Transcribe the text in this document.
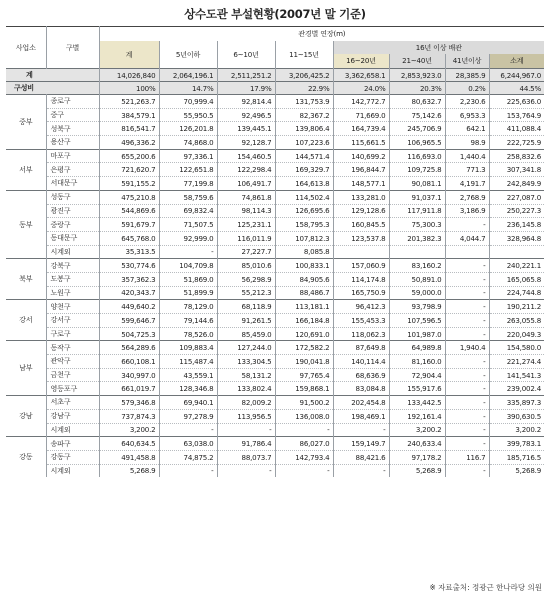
상수도관 부설현황(2007년 말 기준)
사업소	구별	관경별 연장(m)							
		계	5년이하	6~10년	11~15년	16년 이상 배관			
						16~20년	21~40년	41년이상	소계
계		14,026,840	2,064,196.1	2,511,251.2	3,206,425.2	3,362,658.1	2,853,923.0	28,385.9	6,244,967.0
구성비		100%	14.7%	17.9%	22.9%	24.0%	20.3%	0.2%	44.5%
중부	종로구	521,263.7	70,999.4	92,814.4	131,753.9	142,772.7	80,632.7	2,230.6	225,636.0
	중구	384,579.1	55,950.5	92,496.5	82,367.2	71,669.0	75,142.6	6,953.3	153,764.9
	성북구	816,541.7	126,201.8	139,445.1	139,806.4	164,739.4	245,706.9	642.1	411,088.4
	용산구	496,336.2	74,868.0	92,128.7	107,223.6	115,661.5	106,965.5	98.9	222,725.9
서부	마포구	655,200.6	97,336.1	154,460.5	144,571.4	140,699.2	116,693.0	1,440.4	258,832.6
	은평구	721,620.7	122,651.8	122,298.4	169,329.7	196,844.7	109,725.8	771.3	307,341.8
	서대문구	591,155.2	77,199.8	106,491.7	164,613.8	148,577.1	90,081.1	4,191.7	242,849.9
동부	성동구	475,210.8	58,759.6	74,861.8	114,502.4	133,281.0	91,037.1	2,768.9	227,087.0
	광진구	544,869.6	69,832.4	98,114.3	126,695.6	129,128.6	117,911.8	3,186.9	250,227.3
	중랑구	591,679.7	71,507.5	125,231.1	158,795.3	160,845.5	75,300.3	-	236,145.8
	동대문구	645,768.0	92,999.0	116,011.9	107,812.3	123,537.8	201,382.3	4,044.7	328,964.8
	시계외	35,313.5	-	27,227.7	8,085.8				
북부	강북구	530,774.6	104,709.8	85,010.6	100,833.1	157,060.9	83,160.2	-	240,221.1
	도봉구	357,362.3	51,869.0	56,298.9	84,905.6	114,174.8	50,891.0	-	165,065.8
	노원구	420,343.7	51,899.9	55,212.3	88,486.7	165,750.9	59,000.0	-	224,744.8
강서	양천구	449,640.2	78,129.0	68,118.9	113,181.1	96,412.3	93,798.9	-	190,211.2
	강서구	599,646.7	79,144.6	91,261.5	166,184.8	155,453.3	107,596.5	-	263,055.8
	구로구	504,725.3	78,526.0	85,459.0	120,691.0	118,062.3	101,987.0	-	220,049.3
남부	동작구	564,289.6	109,883.4	127,244.0	172,582.2	87,649.8	64,989.8	1,940.4	154,580.0
	관악구	660,108.1	115,487.4	133,304.5	190,041.8	140,114.4	81,160.0	-	221,274.4
	금천구	340,997.0	43,559.1	58,131.2	97,765.4	68,636.9	72,904.4	-	141,541.3
	영등포구	661,019.7	128,346.8	133,802.4	159,868.1	83,084.8	155,917.6	-	239,002.4
강남	서초구	579,346.8	69,940.1	82,009.2	91,500.2	202,454.8	133,442.5	-	335,897.3
	강남구	737,874.3	97,278.9	113,956.5	136,008.0	198,469.1	192,161.4	-	390,630.5
	시계외	3,200.2	-	-	-	-	3,200.2	-	3,200.2
강동	송파구	640,634.5	63,038.0	91,786.4	86,027.0	159,149.7	240,633.4	-	399,783.1
	강동구	491,458.8	74,875.2	88,073.7	142,793.4	88,421.6	97,178.2	116.7	185,716.5
	시계외	5,268.9	-	-	-	-	5,268.9	-	5,268.9
※ 자료출처: 정광근 한나라당 의원
